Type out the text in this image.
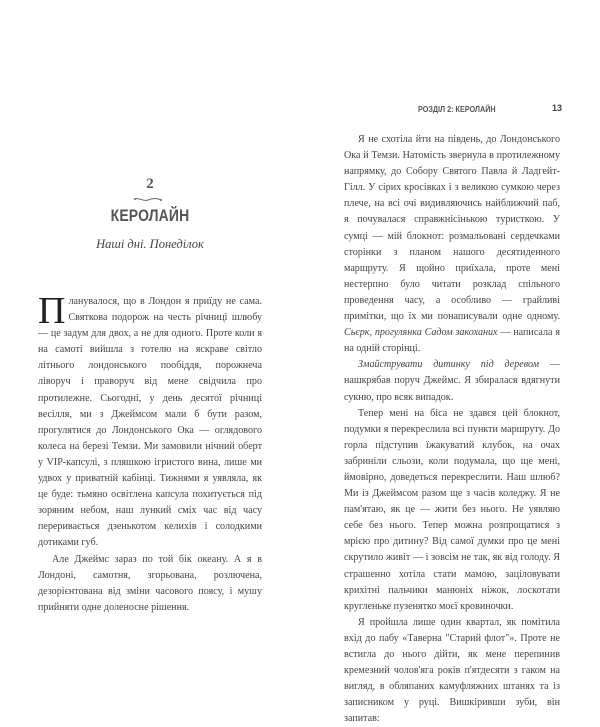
2
КЕРОЛАЙН
Наші дні. Понеділок

Планувалося, що в Лондон я приїду не сама. Святкова подорож на честь річниці шлюбу — це задум для двох, а не для одного. Проте коли я на самоті вийшла з готелю на яскраве світло літнього лондонського пообіддя, порожнеча ліворуч і праворуч від мене свідчила про протилежне. Сьогодні, у день десятої річниці весілля, ми з Джеймсом мали б бути разом, прогулятися до Лондонського Ока — оглядового колеса на березі Темзи. Ми замовили нічний оберт у VIP-капсулі, з пляшкою ігристого вина, лише ми удвох у приватній кабінці. Тижнями я уявляла, як це буде: тьмяно освітлена капсула похитується під зоряним небом, наш лункий сміх час від часу переривається дзенькотом келихів і солодкими дотиками губ.

Але Джеймс зараз по той бік океану. А я в Лондоні, самотня, згорьована, розлючена, дезорієнтована від зміни часового поясу, і мушу прийняти одне доленосне рішення.

РОЗДІЛ 2: КЕРОЛАЙН	13

Я не схотіла йти на південь, до Лондонського Ока й Темзи. Натомість звернула в протилежному напрямку, до Собору Святого Павла й Ладгейт-Гілл. У сірих кросівках і з великою сумкою через плече, на всі очі видивляючись найближчий паб, я почувалася справжнісінькою туристкою. У сумці — мій блокнот: розмальовані сердечками сторінки з планом нашого десятиденного маршруту. Я щойно приїхала, проте мені нестерпно було читати розклад спільного проведення часу, а особливо — грайливі примітки, що їх ми понаписували одне одному. Сьєрк, прогулянка Садом закоханих — написала я на одній сторінці.

Змайструвати дитинку під деревом — нашкрябав поруч Джеймс. Я збиралася вдягнути сукню, про всяк випадок.

Тепер мені на біса не здався цей блокнот, подумки я перекреслила всі пункти маршруту. До горла підступив їжакуватий клубок, на очах забриніли сльози, коли подумала, що ще мені, ймовірно, доведеться перекреслити. Наш шлюб? Ми із Джеймсом разом ще з часів коледжу. Я не пам'ятаю, як це — жити без нього. Не уявляю себе без нього. Тепер можна розпрощатися з мрією про дитину? Від самої думки про це мені скрутило живіт — і зовсім не так, як від голоду. Я страшенно хотіла стати мамою, заціловувати крихітні пальчики манюніх ніжок, лоскотати кругленьке пузенятко моєї кровиночки.

Я пройшла лише один квартал, як помітила вхід до пабу «Таверна "Старий флот"». Проте не встигла до нього дійти, як мене перепинив кремезний чолов'яга років п'ятдесяти з гаком на вигляд, в обляпаних камуфляжних штанях та із записником у руці. Вишкіривши зуби, він запитав:
